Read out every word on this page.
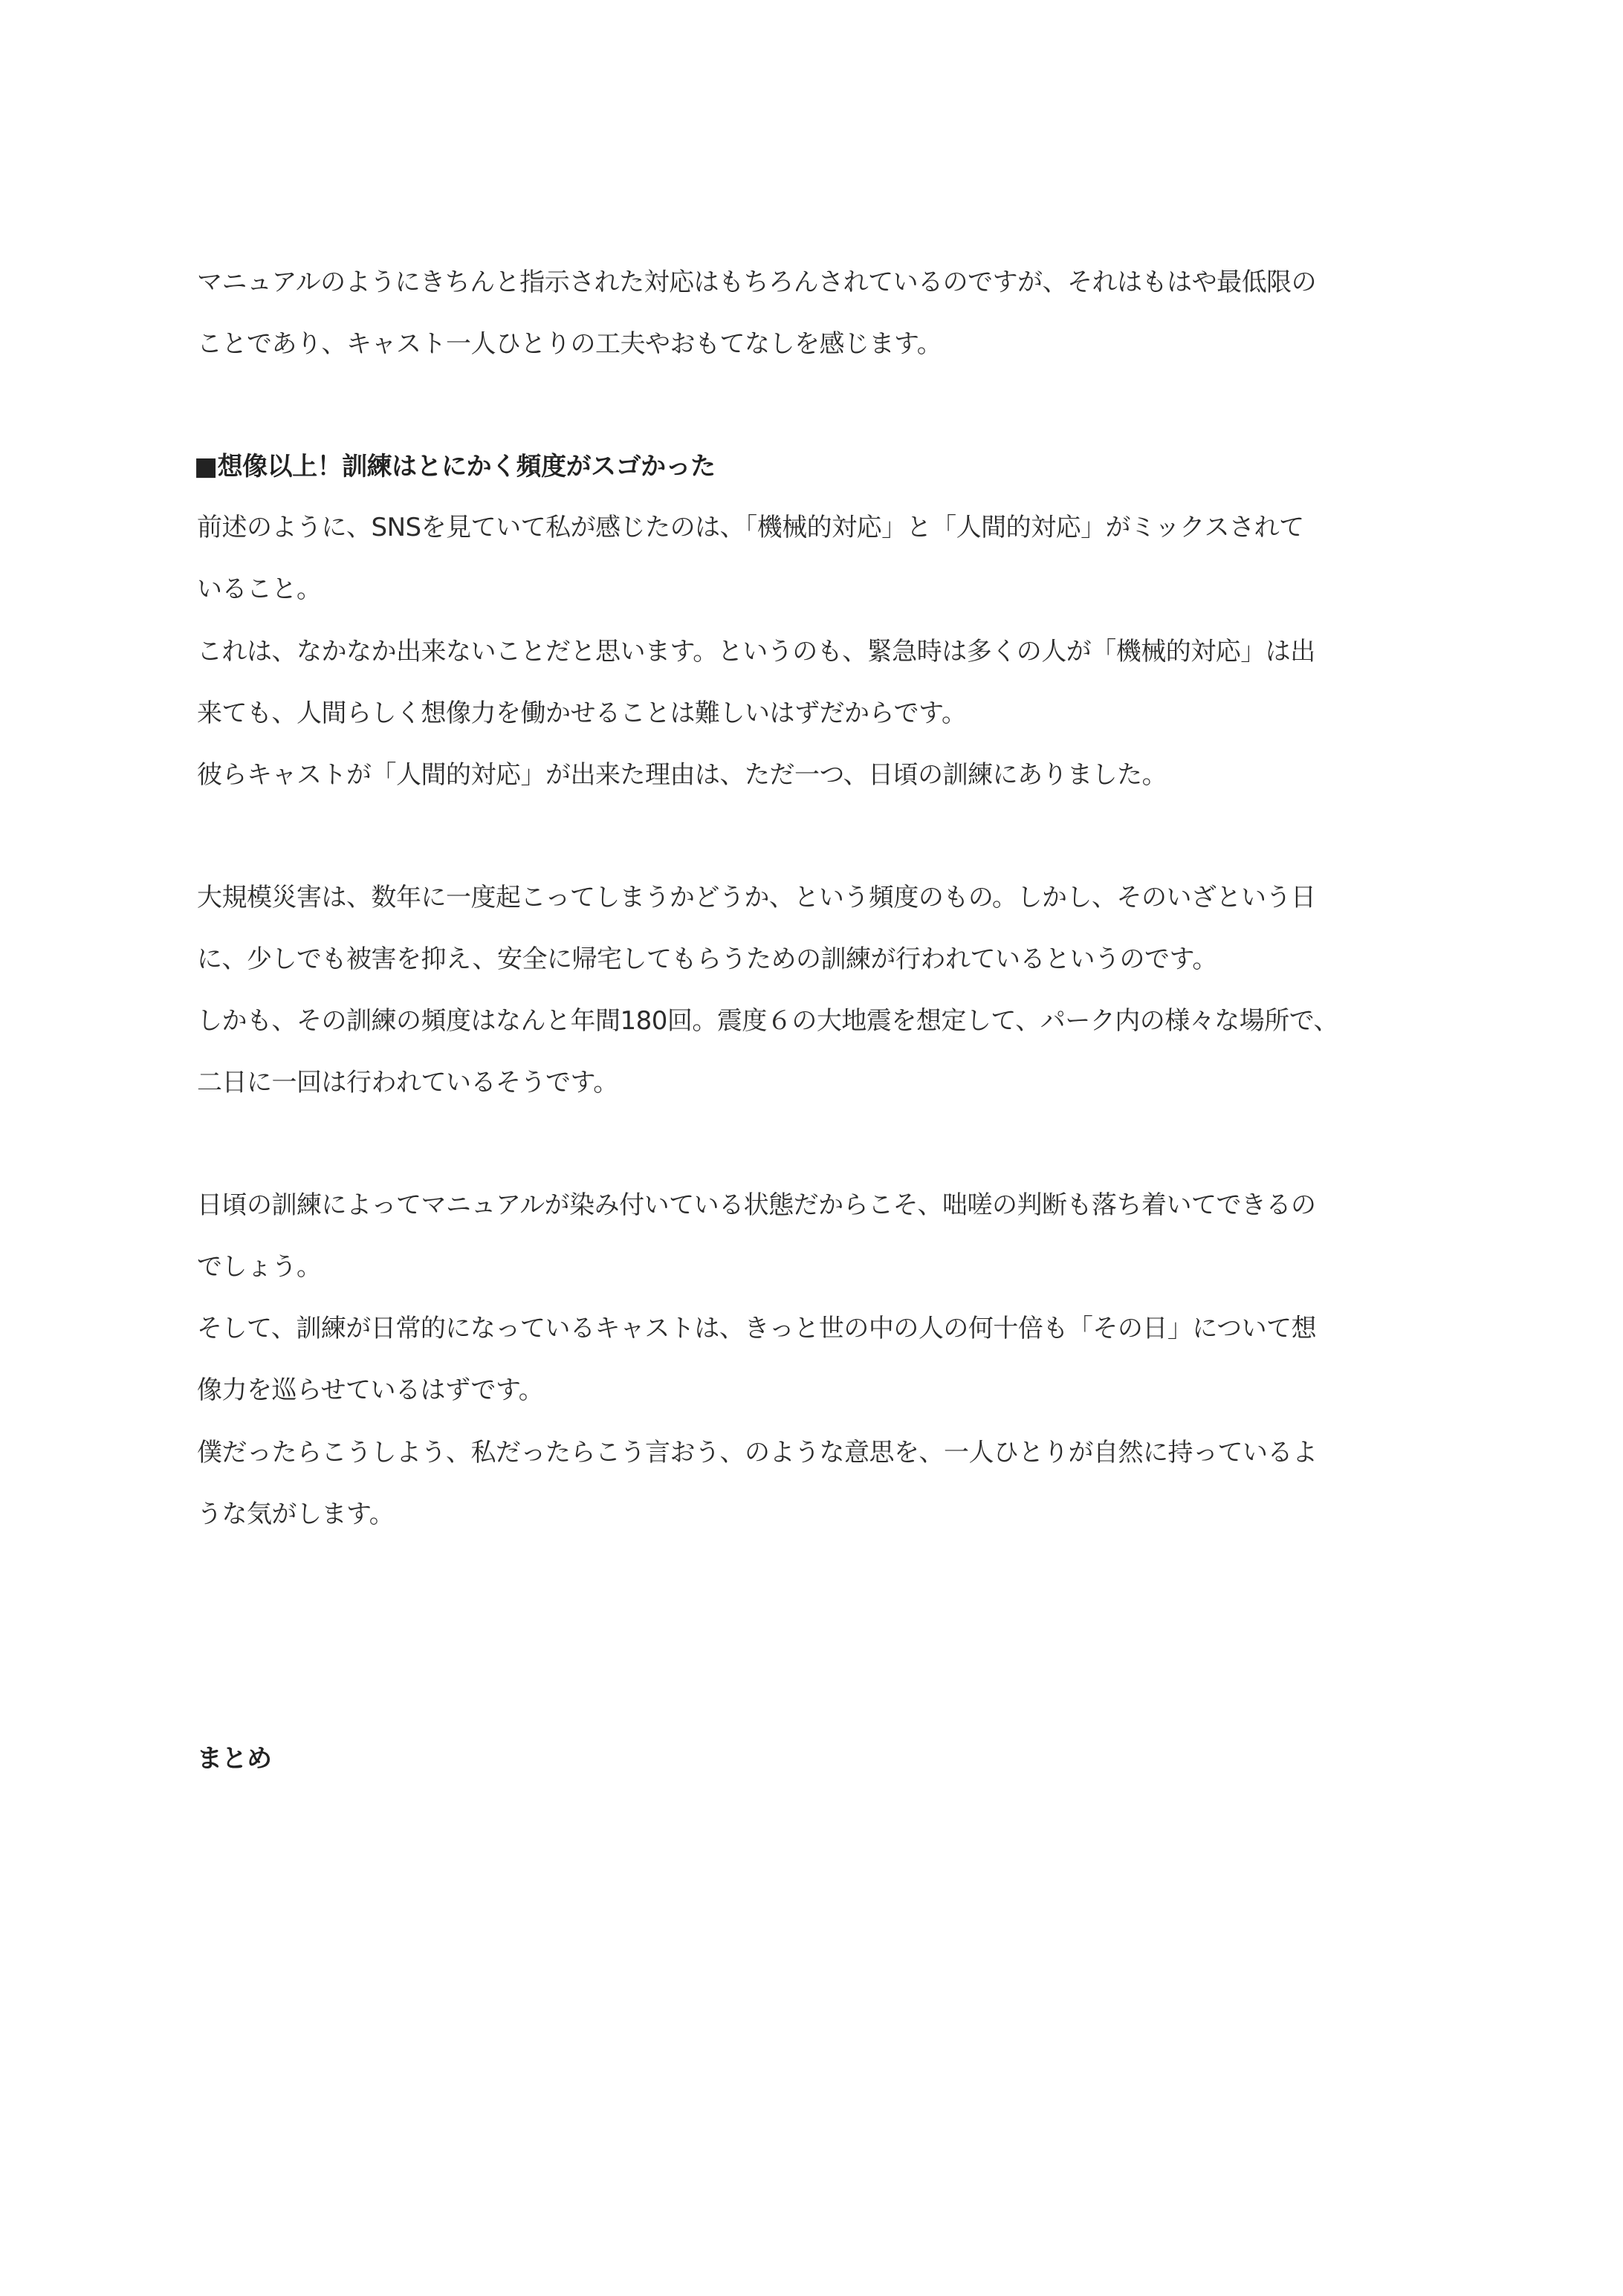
マニュアルのようにきちんと指示された対応はもちろんされているのですが、それはもはや最低限の
ことであり、キャスト一人ひとりの工夫やおもてなしを感じます。
■想像以上！訓練はとにかく頻度がスゴかった
前述のように、SNSを見ていて私が感じたのは、「機械的対応」と「人間的対応」がミックスされて
いること。
これは、なかなか出来ないことだと思います。というのも、緊急時は多くの人が「機械的対応」は出
来ても、人間らしく想像力を働かせることは難しいはずだからです。
彼らキャストが「人間的対応」が出来た理由は、ただ一つ、日頃の訓練にありました。
大規模災害は、数年に一度起こってしまうかどうか、という頻度のもの。しかし、そのいざという日
に、少しでも被害を抑え、安全に帰宅してもらうための訓練が行われているというのです。
しかも、その訓練の頻度はなんと年間180回。震度６の大地震を想定して、パーク内の様々な場所で、
二日に一回は行われているそうです。
日頃の訓練によってマニュアルが染み付いている状態だからこそ、咄嗟の判断も落ち着いてできるの
でしょう。
そして、訓練が日常的になっているキャストは、きっと世の中の人の何十倍も「その日」について想
像力を巡らせているはずです。
僕だったらこうしよう、私だったらこう言おう、のような意思を、一人ひとりが自然に持っているよ
うな気がします。
まとめ
